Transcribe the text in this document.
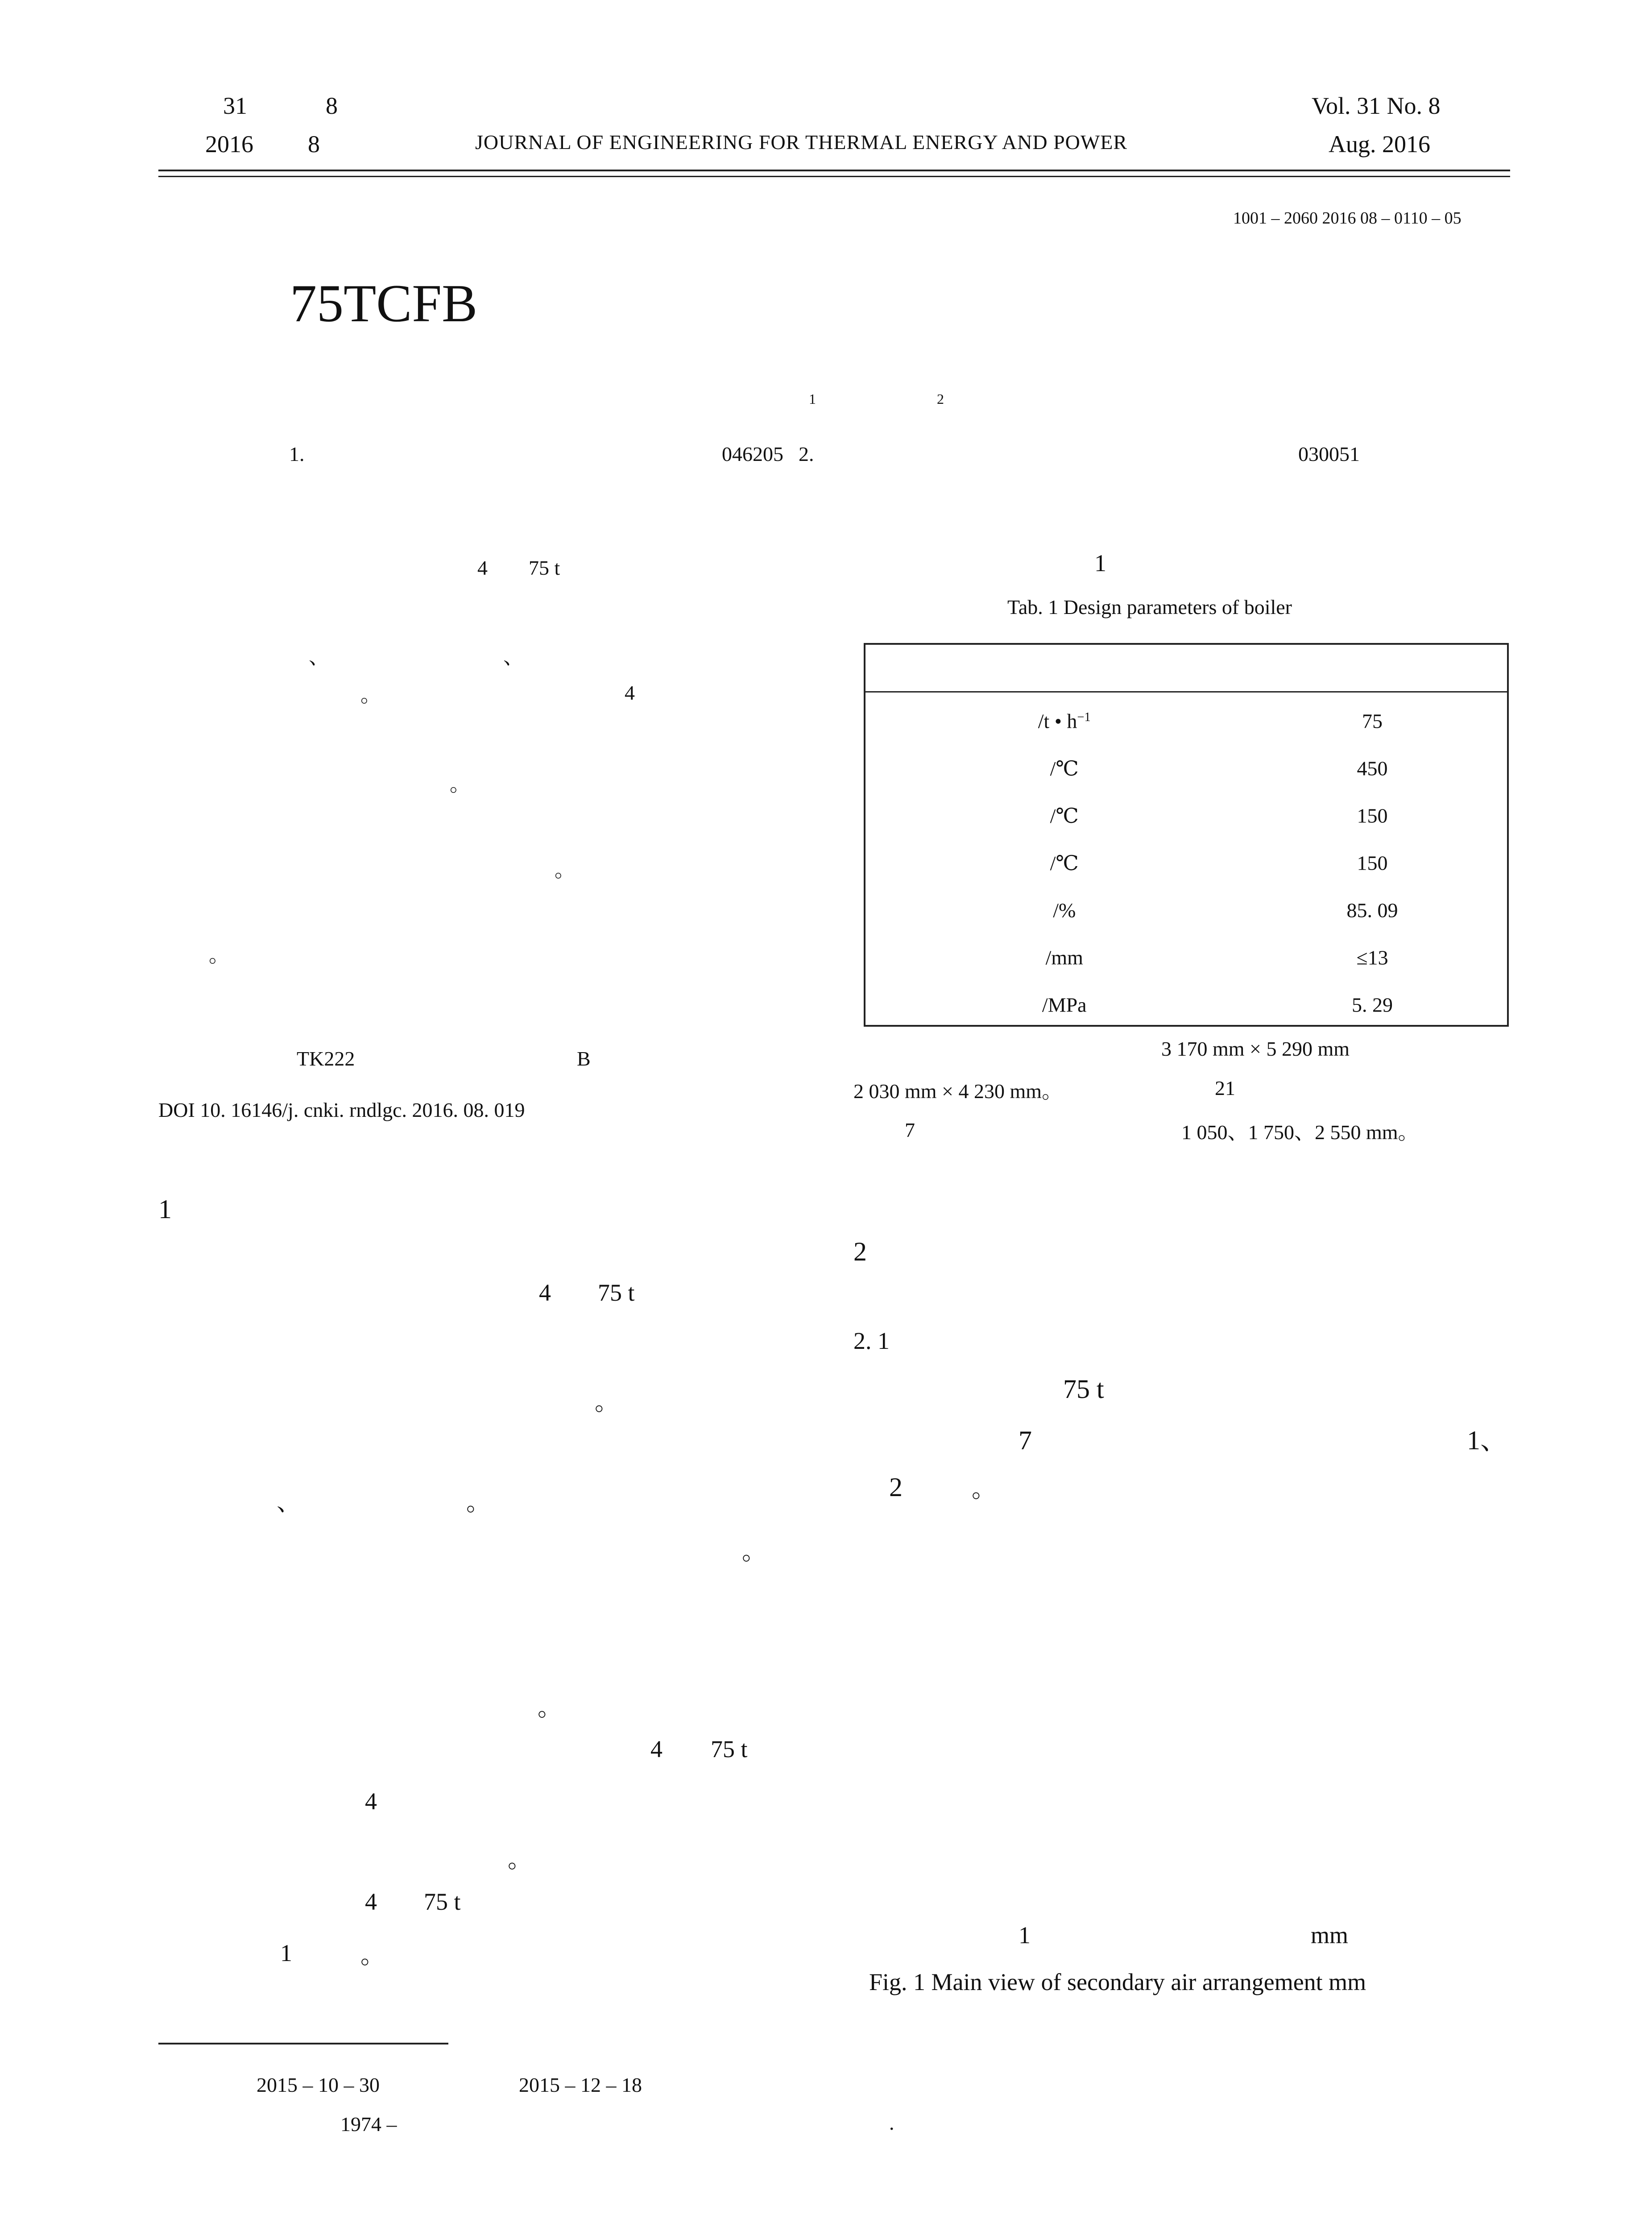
31	8
2016 8	JOURNAL OF ENGINEERING FOR THERMAL ENERGY AND POWER
Vol. 31 No. 8
Aug. 2016
1001 – 2060 2016 08 – 0110 – 05
75TCFB
1	2
1.	046205 2.	030051
4 75 t
、	、
。	4
。
。
。
TK222	B
DOI 10. 16146/j. cnki. rndlgc. 2016. 08. 019
1
4 75 t
。
、	。
。
。
4 75 t
4
。
4 75 t
1	。
2015 – 10 – 30	2015 – 12 – 18
1974 –
1
Tab. 1 Design parameters of boiler
/t • $h^{-1}$	75
/℃	450
/℃	150
/℃	150
/%	85. 09
/mm	≤13
/MPa	5. 29
3 170 mm × 5 290 mm
2 030 mm × 4 230 mm。	21
7	1 050、1 750、2 550 mm。
2
2. 1
75 t
7	1、
2	。
1	mm
Fig. 1 Main view of secondary air arrangement mm
.
